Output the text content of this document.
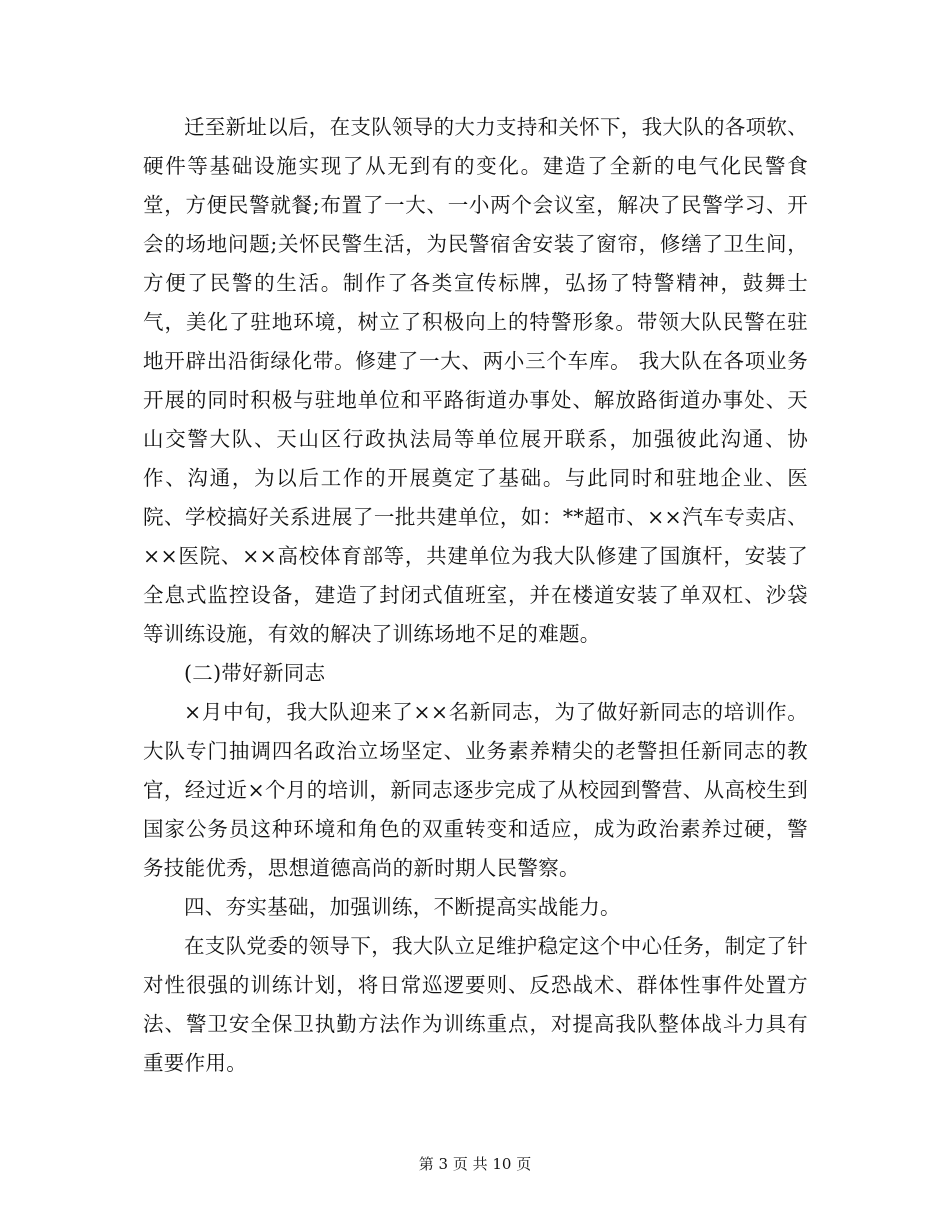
迁至新址以后，在支队领导的大力支持和关怀下，我大队的各项软、硬件等基础设施实现了从无到有的变化。建造了全新的电气化民警食堂，方便民警就餐;布置了一大、一小两个会议室，解决了民警学习、开会的场地问题;关怀民警生活，为民警宿舍安装了窗帘，修缮了卫生间，方便了民警的生活。制作了各类宣传标牌，弘扬了特警精神，鼓舞士气，美化了驻地环境，树立了积极向上的特警形象。带领大队民警在驻地开辟出沿街绿化带。修建了一大、两小三个车库。 我大队在各项业务开展的同时积极与驻地单位和平路街道办事处、解放路街道办事处、天山交警大队、天山区行政执法局等单位展开联系，加强彼此沟通、协作、沟通，为以后工作的开展奠定了基础。与此同时和驻地企业、医院、学校搞好关系进展了一批共建单位，如：**超市、××汽车专卖店、××医院、××高校体育部等，共建单位为我大队修建了国旗杆，安装了全息式监控设备，建造了封闭式值班室，并在楼道安装了单双杠、沙袋等训练设施，有效的解决了训练场地不足的难题。

(二)带好新同志

×月中旬，我大队迎来了××名新同志，为了做好新同志的培训作。大队专门抽调四名政治立场坚定、业务素养精尖的老警担任新同志的教官，经过近×个月的培训，新同志逐步完成了从校园到警营、从高校生到国家公务员这种环境和角色的双重转变和适应，成为政治素养过硬，警务技能优秀，思想道德高尚的新时期人民警察。

四、夯实基础，加强训练，不断提高实战能力。

在支队党委的领导下，我大队立足维护稳定这个中心任务，制定了针对性很强的训练计划，将日常巡逻要则、反恐战术、群体性事件处置方法、警卫安全保卫执勤方法作为训练重点，对提高我队整体战斗力具有重要作用。

第 3 页 共 10 页
